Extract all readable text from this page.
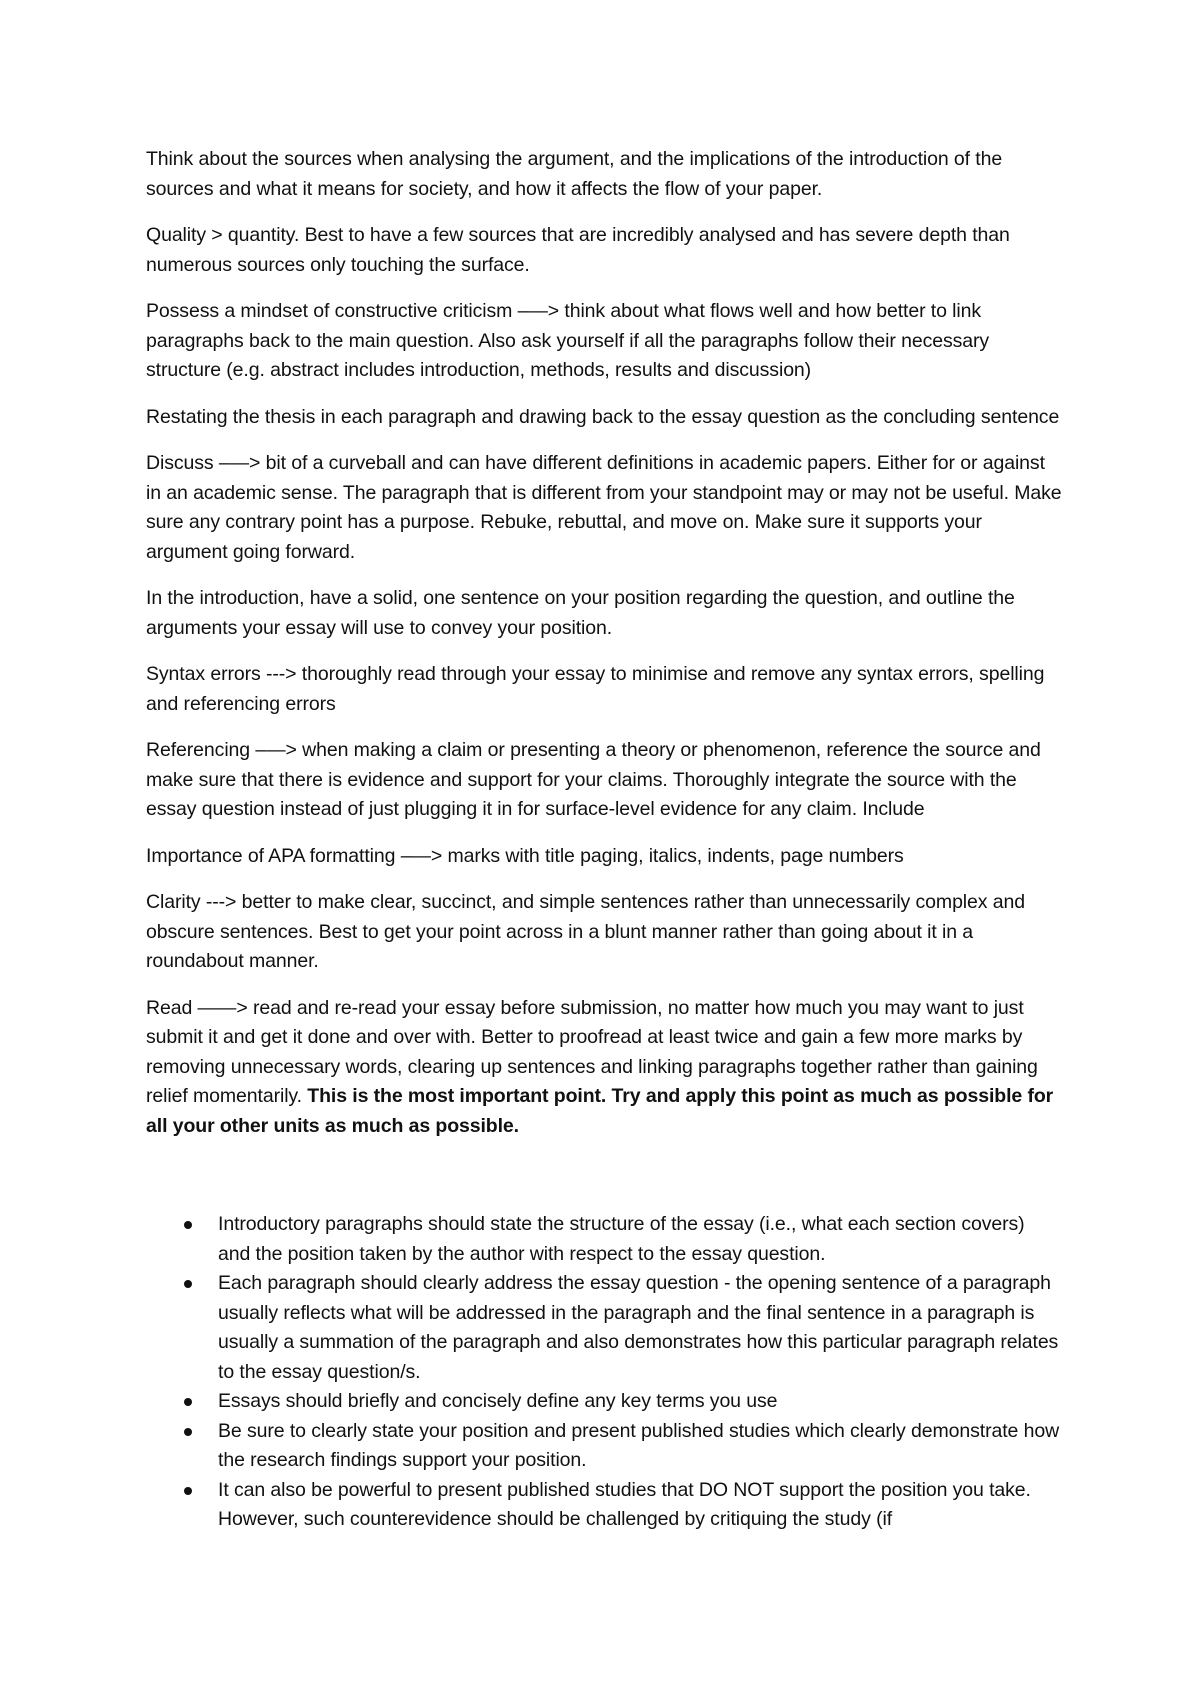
Think about the sources when analysing the argument, and the implications of the introduction of the sources and what it means for society, and how it affects the flow of your paper.

Quality > quantity. Best to have a few sources that are incredibly analysed and has severe depth than numerous sources only touching the surface.

Possess a mindset of constructive criticism –—> think about what flows well and how better to link paragraphs back to the main question. Also ask yourself if all the paragraphs follow their necessary structure (e.g. abstract includes introduction, methods, results and discussion)

Restating the thesis in each paragraph and drawing back to the essay question as the concluding sentence

Discuss –—> bit of a curveball and can have different definitions in academic papers. Either for or against in an academic sense. The paragraph that is different from your standpoint may or may not be useful. Make sure any contrary point has a purpose. Rebuke, rebuttal, and move on. Make sure it supports your argument going forward.

In the introduction, have a solid, one sentence on your position regarding the question, and outline the arguments your essay will use to convey your position.

Syntax errors ---> thoroughly read through your essay to minimise and remove any syntax errors, spelling and referencing errors

Referencing –—> when making a claim or presenting a theory or phenomenon, reference the source and make sure that there is evidence and support for your claims. Thoroughly integrate the source with the essay question instead of just plugging it in for surface-level evidence for any claim. Include

Importance of APA formatting –—> marks with title paging, italics, indents, page numbers

Clarity ---> better to make clear, succinct, and simple sentences rather than unnecessarily complex and obscure sentences. Best to get your point across in a blunt manner rather than going about it in a roundabout manner.

Read ——> read and re-read your essay before submission, no matter how much you may want to just submit it and get it done and over with. Better to proofread at least twice and gain a few more marks by removing unnecessary words, clearing up sentences and linking paragraphs together rather than gaining relief momentarily. This is the most important point. Try and apply this point as much as possible for all your other units as much as possible.

Introductory paragraphs should state the structure of the essay (i.e., what each section covers) and the position taken by the author with respect to the essay question.
Each paragraph should clearly address the essay question - the opening sentence of a paragraph usually reflects what will be addressed in the paragraph and the final sentence in a paragraph is usually a summation of the paragraph and also demonstrates how this particular paragraph relates to the essay question/s.
Essays should briefly and concisely define any key terms you use
Be sure to clearly state your position and present published studies which clearly demonstrate how the research findings support your position.
It can also be powerful to present published studies that DO NOT support the position you take. However, such counterevidence should be challenged by critiquing the study (if
